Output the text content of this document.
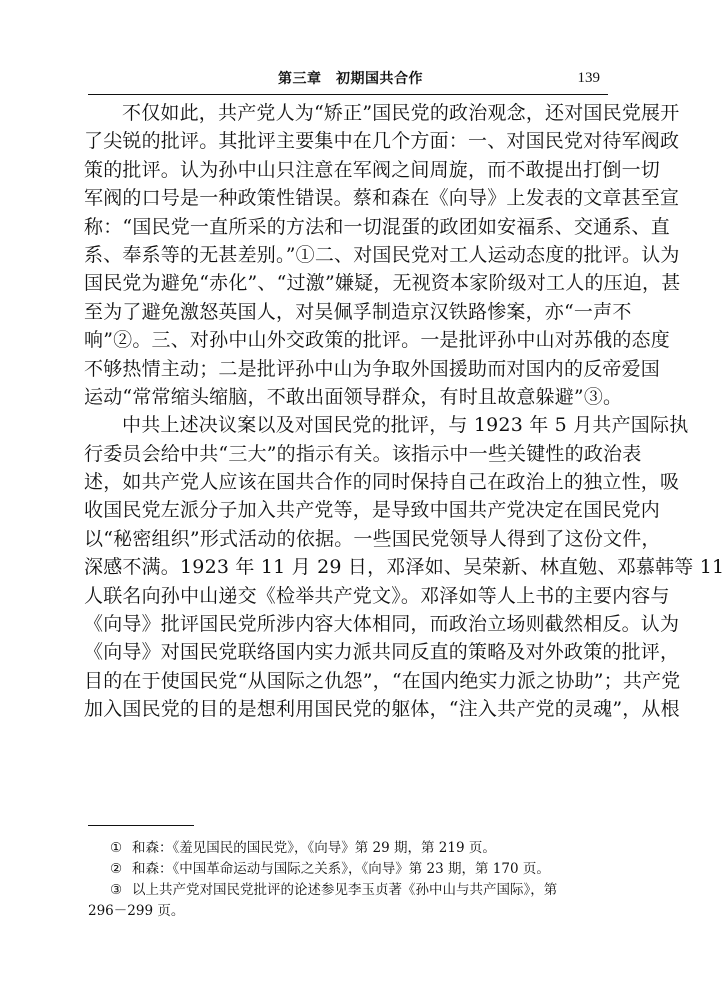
第三章　初期国共合作	139
不仅如此，共产党人为“矫正”国民党的政治观念，还对国民党展开
了尖锐的批评。其批评主要集中在几个方面：一、对国民党对待军阀政
策的批评。认为孙中山只注意在军阀之间周旋，而不敢提出打倒一切
军阀的口号是一种政策性错误。蔡和森在《向导》上发表的文章甚至宣
称：“国民党一直所采的方法和一切混蛋的政团如安福系、交通系、直
系、奉系等的无甚差别。”①二、对国民党对工人运动态度的批评。认为
国民党为避免“赤化”、“过激”嫌疑，无视资本家阶级对工人的压迫，甚
至为了避免激怒英国人，对吴佩孚制造京汉铁路惨案，亦“一声不
响”②。三、对孙中山外交政策的批评。一是批评孙中山对苏俄的态度
不够热情主动；二是批评孙中山为争取外国援助而对国内的反帝爱国
运动“常常缩头缩脑，不敢出面领导群众，有时且故意躲避”③。
中共上述决议案以及对国民党的批评，与 1923 年 5 月共产国际执
行委员会给中共“三大”的指示有关。该指示中一些关键性的政治表
述，如共产党人应该在国共合作的同时保持自己在政治上的独立性，吸
收国民党左派分子加入共产党等，是导致中国共产党决定在国民党内
以“秘密组织”形式活动的依据。一些国民党领导人得到了这份文件，
深感不满。1923 年 11 月 29 日，邓泽如、吴荣新、林直勉、邓慕韩等 11
人联名向孙中山递交《检举共产党文》。邓泽如等人上书的主要内容与
《向导》批评国民党所涉内容大体相同，而政治立场则截然相反。认为
《向导》对国民党联络国内实力派共同反直的策略及对外政策的批评，
目的在于使国民党“从国际之仇怨”，“在国内绝实力派之协助”；共产党
加入国民党的目的是想利用国民党的躯体，“注入共产党的灵魂”，从根
① 和森：《羞见国民的国民党》，《向导》第 29 期，第 219 页。
② 和森：《中国革命运动与国际之关系》，《向导》第 23 期，第 170 页。
③ 以上共产党对国民党批评的论述参见李玉贞著《孙中山与共产国际》，第
296－299 页。
